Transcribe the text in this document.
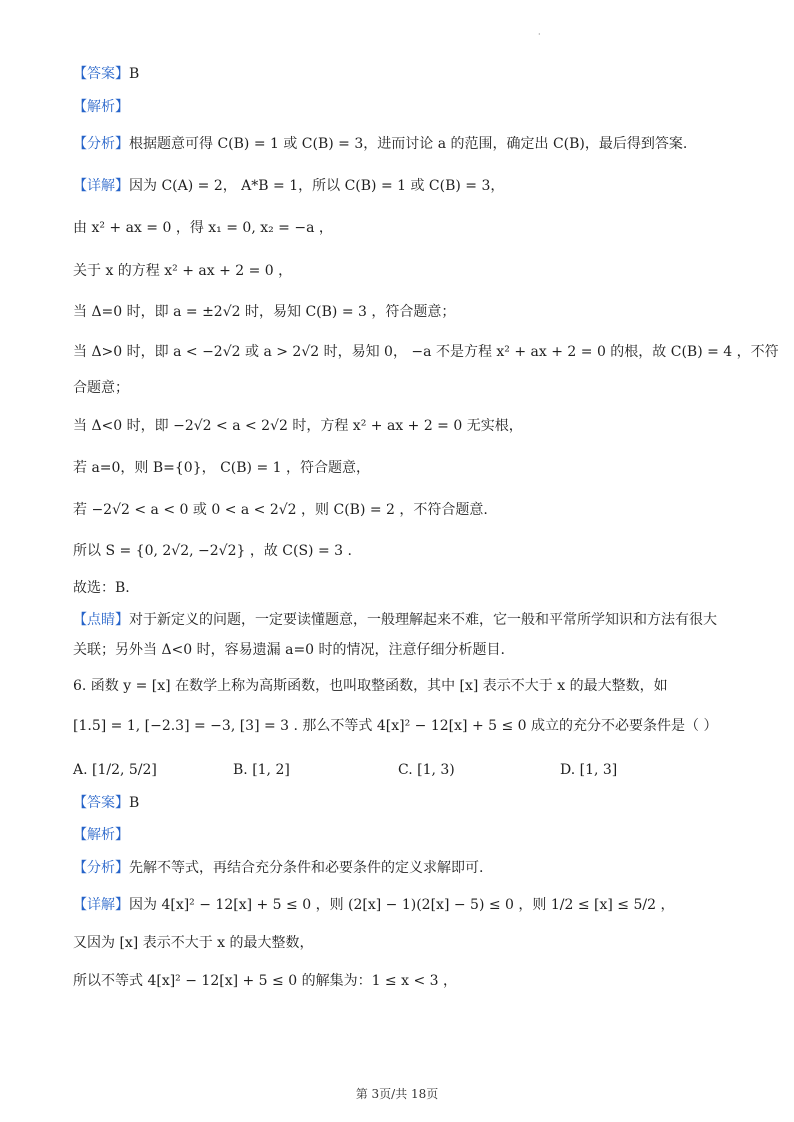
·
【答案】B
【解析】
【分析】根据题意可得 C(B) = 1 或 C(B) = 3，进而讨论 a 的范围，确定出 C(B)，最后得到答案.
【详解】因为 C(A) = 2， A*B = 1，所以 C(B) = 1 或 C(B) = 3，
由 x² + ax = 0 ，得 x₁ = 0, x₂ = −a ，
关于 x 的方程 x² + ax + 2 = 0 ，
当 Δ=0 时，即 a = ±2√2 时，易知 C(B) = 3 ，符合题意；
当 Δ>0 时，即 a < −2√2 或 a > 2√2 时，易知 0， −a 不是方程 x² + ax + 2 = 0 的根，故 C(B) = 4 ，不符
合题意；
当 Δ<0 时，即 −2√2 < a < 2√2 时，方程 x² + ax + 2 = 0 无实根，
若 a=0，则 B={0}， C(B) = 1 ，符合题意，
若 −2√2 < a < 0 或 0 < a < 2√2 ，则 C(B) = 2 ，不符合题意.
所以 S = {0, 2√2, −2√2} ，故 C(S) = 3 .
故选：B.
【点睛】对于新定义的问题，一定要读懂题意，一般理解起来不难，它一般和平常所学知识和方法有很大
关联；另外当 Δ<0 时，容易遗漏 a=0 时的情况，注意仔细分析题目.
6. 函数 y = [x] 在数学上称为高斯函数，也叫取整函数，其中 [x] 表示不大于 x 的最大整数，如
[1.5] = 1, [−2.3] = −3, [3] = 3 . 那么不等式 4[x]² − 12[x] + 5 ≤ 0 成立的充分不必要条件是（ ）
A. [1/2, 5/2]	B. [1, 2]	C. [1, 3)	D. [1, 3]
【答案】B
【解析】
【分析】先解不等式，再结合充分条件和必要条件的定义求解即可.
【详解】因为 4[x]² − 12[x] + 5 ≤ 0 ，则 (2[x] − 1)(2[x] − 5) ≤ 0 ，则 1/2 ≤ [x] ≤ 5/2 ，
又因为 [x] 表示不大于 x 的最大整数，
所以不等式 4[x]² − 12[x] + 5 ≤ 0 的解集为：1 ≤ x < 3 ，
第 3页/共 18页
